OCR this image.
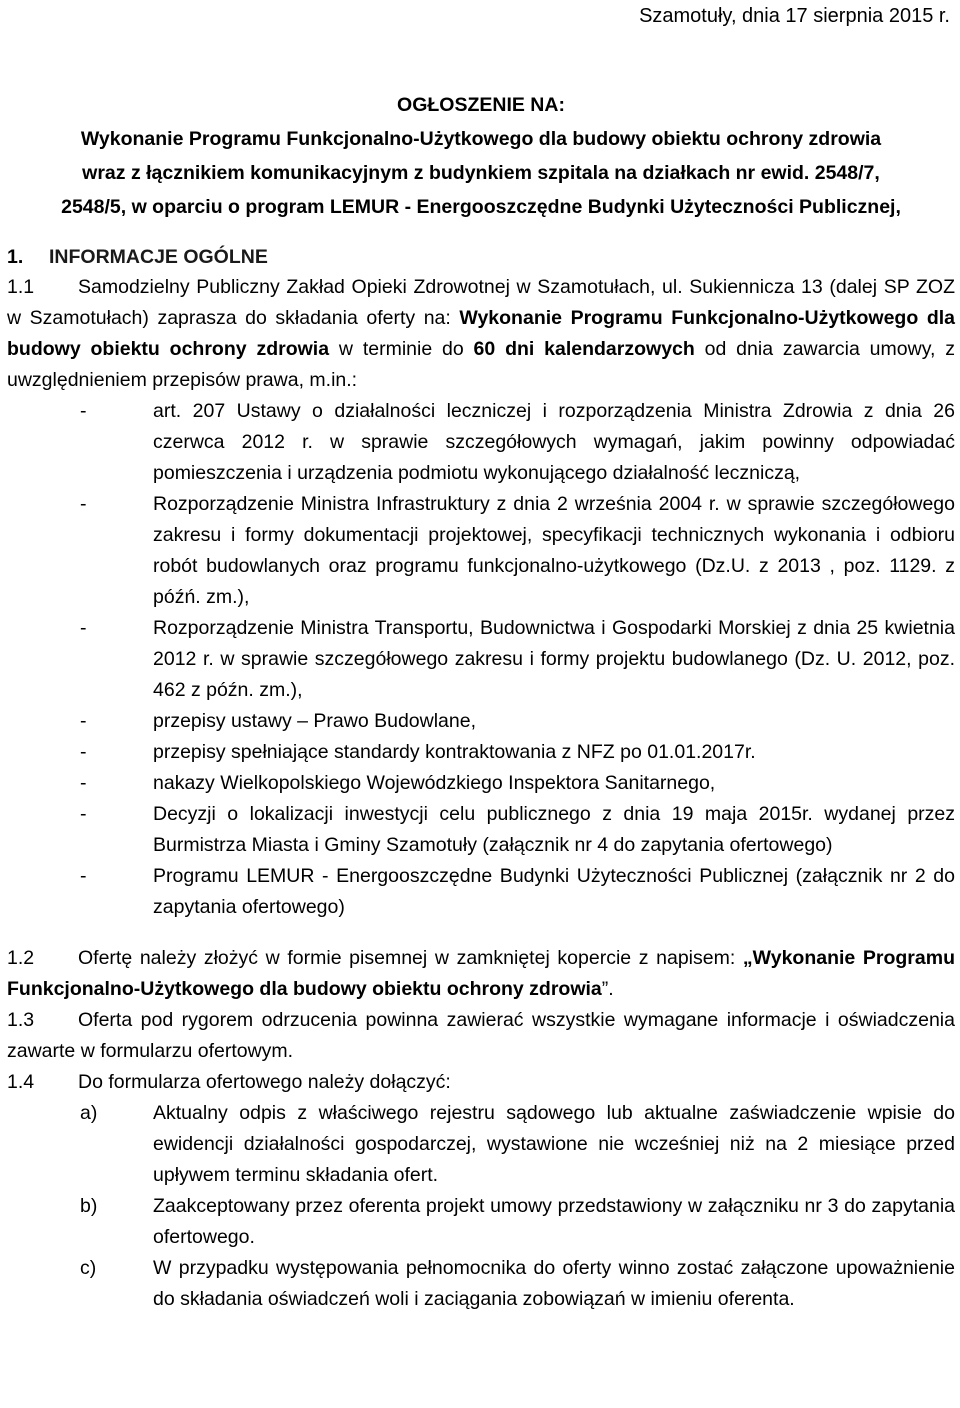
Szamotuły, dnia 17 sierpnia 2015 r.
OGŁOSZENIE NA:
Wykonanie Programu Funkcjonalno-Użytkowego dla budowy obiektu ochrony zdrowia
wraz z łącznikiem komunikacyjnym z budynkiem szpitala na działkach nr ewid. 2548/7,
2548/5, w oparciu o program LEMUR - Energooszczędne Budynki Użyteczności Publicznej,
1. INFORMACJE OGÓLNE

1.1 Samodzielny Publiczny Zakład Opieki Zdrowotnej w Szamotułach, ul. Sukiennicza 13 (dalej SP ZOZ w Szamotułach) zaprasza do składania oferty na: Wykonanie Programu Funkcjonalno-Użytkowego dla budowy obiektu ochrony zdrowia w terminie do 60 dni kalendarzowych od dnia zawarcia umowy, z uwzględnieniem przepisów prawa, m.in.:

-	art. 207 Ustawy o działalności leczniczej i rozporządzenia Ministra Zdrowia z dnia 26 czerwca 2012 r. w sprawie szczegółowych wymagań, jakim powinny odpowiadać pomieszczenia i urządzenia podmiotu wykonującego działalność leczniczą,
-	Rozporządzenie Ministra Infrastruktury z dnia 2 września 2004 r. w sprawie szczegółowego zakresu i formy dokumentacji projektowej, specyfikacji technicznych wykonania i odbioru robót budowlanych oraz programu funkcjonalno-użytkowego (Dz.U. z 2013 , poz. 1129. z późń. zm.),
-	Rozporządzenie Ministra Transportu, Budownictwa i Gospodarki Morskiej z dnia 25 kwietnia 2012 r. w sprawie szczegółowego zakresu i formy projektu budowlanego (Dz. U. 2012, poz. 462 z późn. zm.),
-	przepisy ustawy – Prawo Budowlane,
-	przepisy spełniające standardy kontraktowania z NFZ po 01.01.2017r.
-	nakazy Wielkopolskiego Wojewódzkiego Inspektora Sanitarnego,
-	Decyzji o lokalizacji inwestycji celu publicznego z dnia 19 maja 2015r. wydanej przez Burmistrza Miasta i Gminy Szamotuły (załącznik nr 4 do zapytania ofertowego)
-	Programu LEMUR - Energooszczędne Budynki Użyteczności Publicznej (załącznik nr 2 do zapytania ofertowego)

1.2 Ofertę należy złożyć w formie pisemnej w zamkniętej kopercie z napisem: „Wykonanie Programu Funkcjonalno-Użytkowego dla budowy obiektu ochrony zdrowia”.

1.3 Oferta pod rygorem odrzucenia powinna zawierać wszystkie wymagane informacje i oświadczenia zawarte w formularzu ofertowym.

1.4 Do formularza ofertowego należy dołączyć:

a)	Aktualny odpis z właściwego rejestru sądowego lub aktualne zaświadczenie wpisie do ewidencji działalności gospodarczej, wystawione nie wcześniej niż na 2 miesiące przed upływem terminu składania ofert.
b)	Zaakceptowany przez oferenta projekt umowy przedstawiony w załączniku nr 3 do zapytania ofertowego.
c)	W przypadku występowania pełnomocnika do oferty winno zostać załączone upoważnienie do składania oświadczeń woli i zaciągania zobowiązań w imieniu oferenta.
